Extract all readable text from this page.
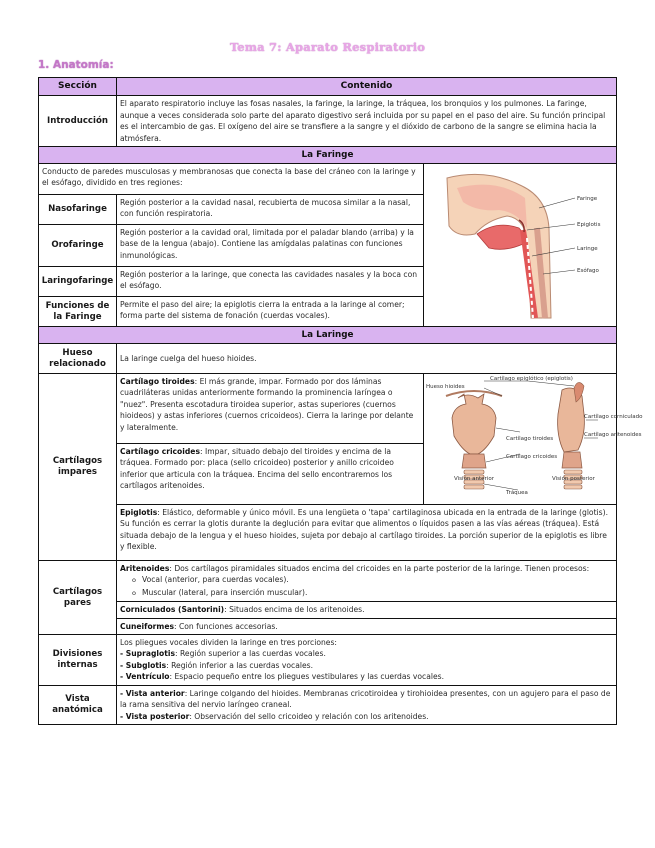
Tema 7: Aparato Respiratorio
1. Anatomía:
Sección	Contenido
Introducción
El aparato respiratorio incluye las fosas nasales, la faringe, la laringe, la tráquea, los bronquios y los pulmones. La faringe, aunque a veces considerada solo parte del aparato digestivo será incluida por su papel en el paso del aire. Su función principal es el intercambio de gas. El oxígeno del aire se transfiere a la sangre y el dióxido de carbono de la sangre se elimina hacia la atmósfera.
La Faringe
Conducto de paredes musculosas y membranosas que conecta la base del cráneo con la laringe y el esófago, dividido en tres regiones:
Nasofaringe
Región posterior a la cavidad nasal, recubierta de mucosa similar a la nasal, con función respiratoria.
Orofaringe
Región posterior a la cavidad oral, limitada por el paladar blando (arriba) y la base de la lengua (abajo). Contiene las amígdalas palatinas con funciones inmunológicas.
Laringofaringe
Región posterior a la laringe, que conecta las cavidades nasales y la boca con el esófago.
Funciones de la Faringe
Permite el paso del aire; la epiglotis cierra la entrada a la laringe al comer; forma parte del sistema de fonación (cuerdas vocales).
Faringe
Epiglotis
Laringe
Esófago
La Laringe
Hueso relacionado
La laringe cuelga del hueso hioides.
Cartílagos impares
Cartílago tiroides: El más grande, impar. Formado por dos láminas cuadriláteras unidas anteriormente formando la prominencia laríngea o "nuez". Presenta escotadura tiroidea superior, astas superiores (cuernos hioideos) y astas inferiores (cuernos cricoideos). Cierra la laringe por delante y lateralmente.
Cartílago cricoides: Impar, situado debajo del tiroides y encima de la tráquea. Formado por: placa (sello cricoideo) posterior y anillo cricoideo inferior que articula con la tráquea. Encima del sello encontraremos los cartílagos aritenoides.
Cartílago epiglótico (epiglotis)
Hueso hioides
Cartílago tiroides
Cartílago cricoides
Tráquea
Cartílago corniculado
Cartílago aritenoides
Visión anterior	Visión posterior
Epiglotis: Elástico, deformable y único móvil. Es una lengüeta o 'tapa' cartilaginosa ubicada en la entrada de la laringe (glotis). Su función es cerrar la glotis durante la deglución para evitar que alimentos o líquidos pasen a las vías aéreas (tráquea). Está situada debajo de la lengua y el hueso hioides, sujeta por debajo al cartílago tiroides. La porción superior de la epiglotis es libre y flexible.
Cartílagos pares
Aritenoides: Dos cartílagos piramidales situados encima del cricoides en la parte posterior de la laringe. Tienen procesos:
o Vocal (anterior, para cuerdas vocales).
o Muscular (lateral, para inserción muscular).
Corniculados (Santorini): Situados encima de los aritenoides.
Cuneiformes: Con funciones accesorias.
Divisiones internas
Los pliegues vocales dividen la laringe en tres porciones:
- Supraglotis: Región superior a las cuerdas vocales.
- Subglotis: Región inferior a las cuerdas vocales.
- Ventrículo: Espacio pequeño entre los pliegues vestibulares y las cuerdas vocales.
Vista anatómica
- Vista anterior: Laringe colgando del hioides. Membranas cricotiroidea y tirohioidea presentes, con un agujero para el paso de la rama sensitiva del nervio laríngeo craneal.
- Vista posterior: Observación del sello cricoideo y relación con los aritenoides.
